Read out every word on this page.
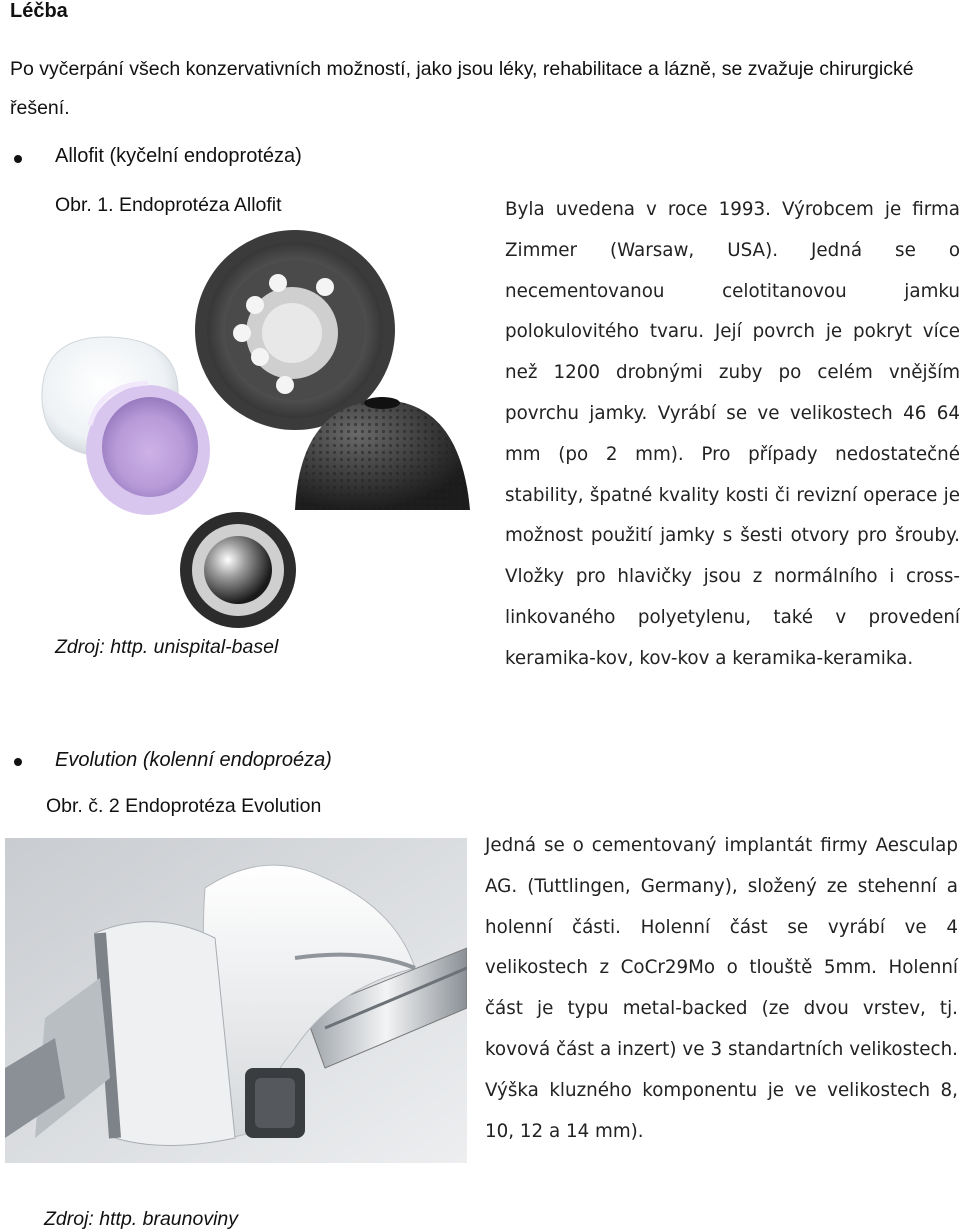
Léčba
Po vyčerpání všech konzervativních možností, jako jsou léky, rehabilitace a lázně, se zvažuje chirurgické řešení.
Allofit (kyčelní endoprotéza)
Obr. 1. Endoprotéza Allofit
Zdroj: http. unispital-basel
Byla uvedena v roce 1993. Výrobcem je firma Zimmer (Warsaw, USA). Jedná se o necementovanou celotitanovou jamku polokulovitého tvaru. Její povrch je pokryt více než 1200 drobnými zuby po celém vnějším povrchu jamky. Vyrábí se ve velikostech 46 64 mm (po 2 mm). Pro případy nedostatečné stability, špatné kvality kosti či revizní operace je možnost použití jamky s šesti otvory pro šrouby. Vložky pro hlavičky jsou z normálního i cross-linkovaného polyetylenu, také v provedení keramika-kov, kov-kov a keramika-keramika.
Evolution (kolenní endoproéza)
Obr. č. 2 Endoprotéza Evolution
Jedná se o cementovaný implantát firmy Aesculap AG. (Tuttlingen, Germany), složený ze stehenní a holenní části. Holenní část se vyrábí ve 4 velikostech z CoCr29Mo o tlouště 5mm. Holenní část je typu metal-backed (ze dvou vrstev, tj. kovová část a inzert) ve 3 standartních velikostech. Výška kluzného komponentu je ve velikostech 8, 10, 12 a 14 mm).
Zdroj: http. braunoviny
